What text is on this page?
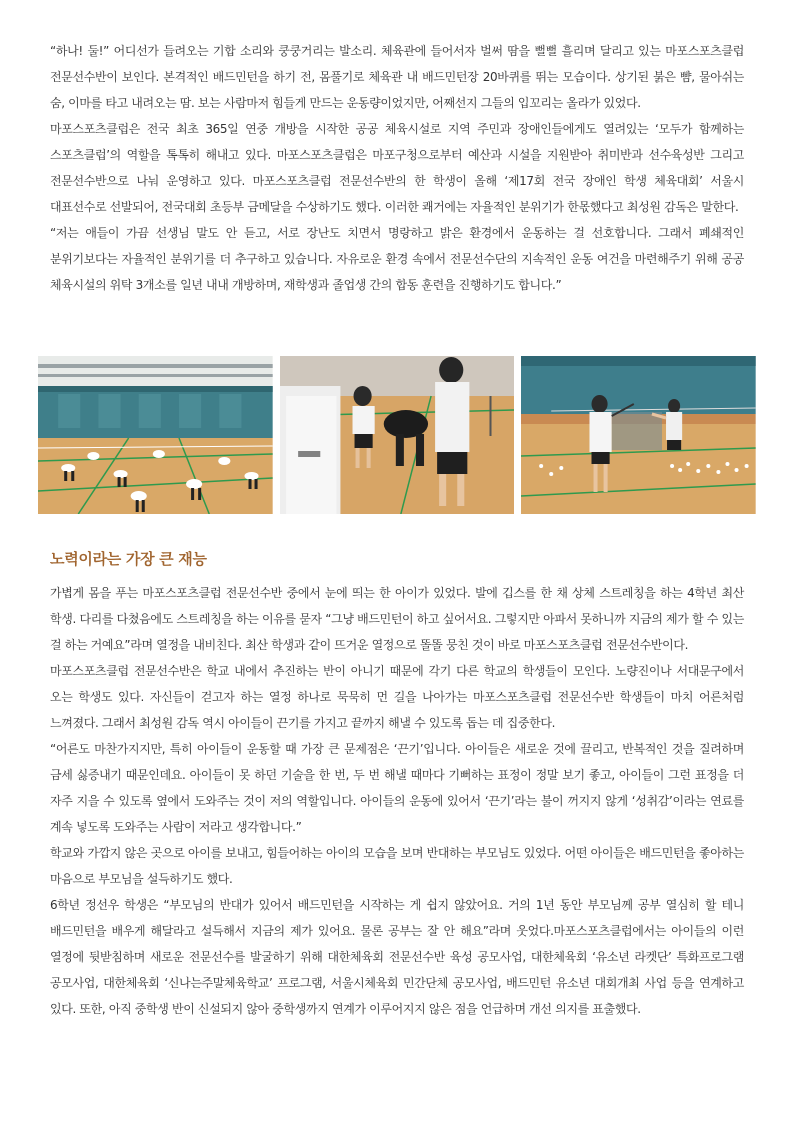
“하나! 둘!” 어디선가 들려오는 기합 소리와 쿵쿵거리는 발소리. 체육관에 들어서자 벌써 땀을 뻘뻘 흘리며 달리고 있는 마포스포츠클럽 전문선수반이 보인다. 본격적인 배드민턴을 하기 전, 몸풀기로 체육관 내 배드민턴장 20바퀴를 뛰는 모습이다. 상기된 붉은 뺨, 물아쉬는 숨, 이마를 타고 내려오는 땀. 보는 사람마저 힘들게 만드는 운동량이었지만, 어째선지 그들의 입꼬리는 올라가 있었다.

마포스포츠클럽은 전국 최초 365일 연중 개방을 시작한 공공 체육시설로 지역 주민과 장애인들에게도 열려있는 ‘모두가 함께하는 스포츠클럽’의 역할을 톡톡히 해내고 있다. 마포스포츠클럽은 마포구청으로부터 예산과 시설을 지원받아 취미반과 선수육성반 그리고 전문선수반으로 나눠 운영하고 있다. 마포스포츠클럽 전문선수반의 한 학생이 올해 ‘제17회 전국 장애인 학생 체육대회’ 서울시 대표선수로 선발되어, 전국대회 초등부 금메달을 수상하기도 했다. 이러한 쾌거에는 자율적인 분위기가 한몫했다고 최성원 감독은 말한다.

“저는 애들이 가끔 선생님 말도 안 듣고, 서로 장난도 치면서 명랑하고 밝은 환경에서 운동하는 걸 선호합니다. 그래서 폐쇄적인 분위기보다는 자율적인 분위기를 더 추구하고 있습니다. 자유로운 환경 속에서 전문선수단의 지속적인 운동 여건을 마련해주기 위해 공공 체육시설의 위탁 3개소를 일년 내내 개방하며, 재학생과 졸업생 간의 합동 훈련을 진행하기도 합니다.”

노력이라는 가장 큰 재능

가볍게 몸을 푸는 마포스포츠클럽 전문선수반 중에서 눈에 띄는 한 아이가 있었다. 발에 깁스를 한 채 상체 스트레칭을 하는 4학년 최산 학생. 다리를 다쳤음에도 스트레칭을 하는 이유를 묻자 “그냥 배드민턴이 하고 싶어서요. 그렇지만 아파서 못하니까 지금의 제가 할 수 있는 걸 하는 거예요”라며 열정을 내비친다. 최산 학생과 같이 뜨거운 열정으로 똘똘 뭉친 것이 바로 마포스포츠클럽 전문선수반이다.

마포스포츠클럽 전문선수반은 학교 내에서 추진하는 반이 아니기 때문에 각기 다른 학교의 학생들이 모인다. 노량진이나 서대문구에서 오는 학생도 있다. 자신들이 걷고자 하는 열정 하나로 묵묵히 먼 길을 나아가는 마포스포츠클럽 전문선수반 학생들이 마치 어른처럼 느껴졌다. 그래서 최성원 감독 역시 아이들이 끈기를 가지고 끝까지 해낼 수 있도록 돕는 데 집중한다.

“어른도 마찬가지지만, 특히 아이들이 운동할 때 가장 큰 문제점은 ‘끈기’입니다. 아이들은 새로운 것에 끌리고, 반복적인 것을 질려하며 금세 싫증내기 때문인데요. 아이들이 못 하던 기술을 한 번, 두 번 해낼 때마다 기뻐하는 표정이 정말 보기 좋고, 아이들이 그런 표정을 더 자주 지을 수 있도록 옆에서 도와주는 것이 저의 역할입니다. 아이들의 운동에 있어서 ‘끈기’라는 불이 꺼지지 않게 ‘성취감’이라는 연료를 계속 넣도록 도와주는 사람이 저라고 생각합니다.”

학교와 가깝지 않은 곳으로 아이를 보내고, 힘들어하는 아이의 모습을 보며 반대하는 부모님도 있었다. 어떤 아이들은 배드민턴을 좋아하는 마음으로 부모님을 설득하기도 했다.

6학년 정선우 학생은 “부모님의 반대가 있어서 배드민턴을 시작하는 게 쉽지 않았어요. 거의 1년 동안 부모님께 공부 열심히 할 테니 배드민턴을 배우게 해달라고 설득해서 지금의 제가 있어요. 물론 공부는 잘 안 해요”라며 웃었다.마포스포츠클럽에서는 아이들의 이런 열정에 뒷받침하며 새로운 전문선수를 발굴하기 위해 대한체육회 전문선수반 육성 공모사업, 대한체육회 ‘유소년 라켓단’ 특화프로그램 공모사업, 대한체육회 ‘신나는주말체육학교’ 프로그램, 서울시체육회 민간단체 공모사업, 배드민턴 유소년 대회개최 사업 등을 연계하고 있다. 또한, 아직 중학생 반이 신설되지 않아 중학생까지 연계가 이루어지지 않은 점을 언급하며 개선 의지를 표출했다.
